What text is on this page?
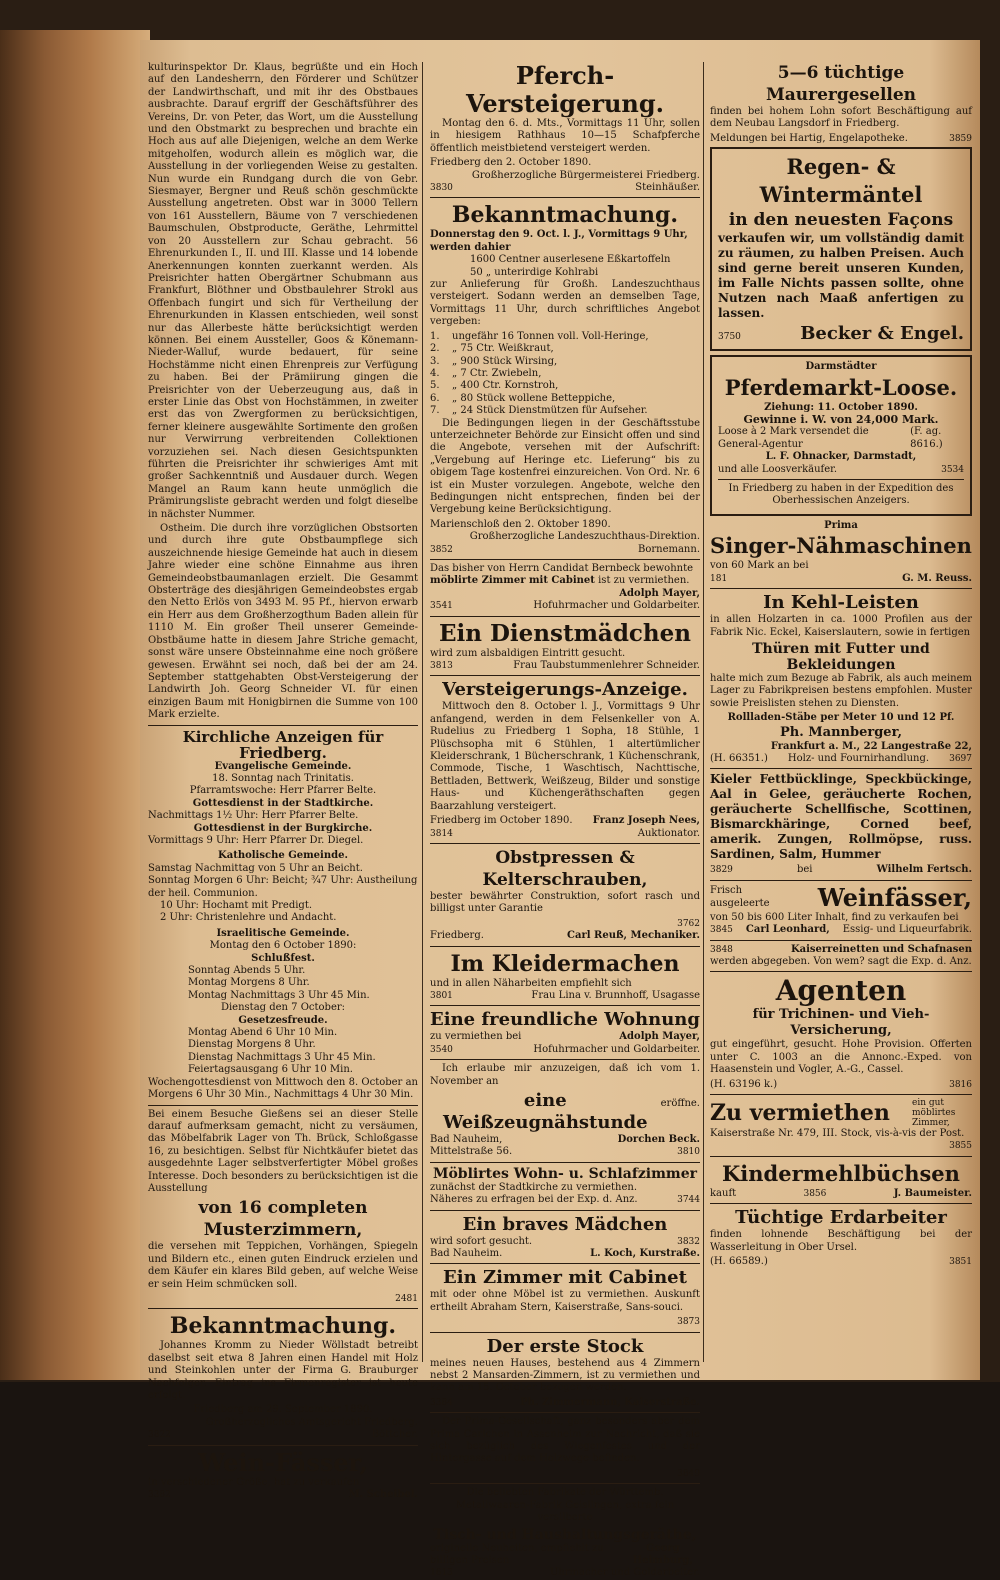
kulturinspektor Dr. Klaus, begrüßte und ein Hoch auf den Landesherrn, den Förderer und Schützer der Landwirthschaft, und mit ihr des Obstbaues ausbrachte. Darauf ergriff der Geschäftsführer des Vereins, Dr. von Peter, das Wort, um die Ausstellung und den Obstmarkt zu besprechen und brachte ein Hoch aus auf alle Diejenigen, welche an dem Werke mitgeholfen, wodurch allein es möglich war, die Ausstellung in der vorliegenden Weise zu gestalten. Nun wurde ein Rundgang durch die von Gebr. Siesmayer, Bergner und Reuß schön geschmückte Ausstellung angetreten. Obst war in 3000 Tellern von 161 Ausstellern, Bäume von 7 verschiedenen Baumschulen, Obstproducte, Geräthe, Lehrmittel von 20 Ausstellern zur Schau gebracht. 56 Ehrenurkunden I., II. und III. Klasse und 14 lobende Anerkennungen konnten zuerkannt werden. Als Preisrichter hatten Obergärtner Schubmann aus Frankfurt, Blöthner und Obstbaulehrer Strokl aus Offenbach fungirt und sich für Vertheilung der Ehrenurkunden in Klassen entschieden, weil sonst nur das Allerbeste hätte berücksichtigt werden können. Bei einem Aussteller, Goos & Könemann-Nieder-Walluf, wurde bedauert, für seine Hochstämme nicht einen Ehrenpreis zur Verfügung zu haben. Bei der Prämiirung gingen die Preisrichter von der Ueberzeugung aus, daß in erster Linie das Obst von Hochstämmen, in zweiter erst das von Zwergformen zu berücksichtigen, ferner kleinere ausgewählte Sortimente den großen nur Verwirrung verbreitenden Collektionen vorzuziehen sei. Nach diesen Gesichtspunkten führten die Preisrichter ihr schwieriges Amt mit großer Sachkenntniß und Ausdauer durch. Wegen Mangel an Raum kann heute unmöglich die Prämirungsliste gebracht werden und folgt dieselbe in nächster Nummer.

Ostheim. Die durch ihre vorzüglichen Obstsorten und durch ihre gute Obstbaumpflege sich auszeichnende hiesige Gemeinde hat auch in diesem Jahre wieder eine schöne Einnahme aus ihren Gemeindeobstbaumanlagen erzielt. Die Gesammt Obsterträge des diesjährigen Gemeindeobstes ergab den Netto Erlös von 3493 M. 95 Pf., hiervon erwarb ein Herr aus dem Großherzogthum Baden allein für 1110 M. Ein großer Theil unserer Gemeinde-Obstbäume hatte in diesem Jahre Striche gemacht, sonst wäre unsere Obsteinnahme eine noch größere gewesen. Erwähnt sei noch, daß bei der am 24. September stattgehabten Obst-Versteigerung der Landwirth Joh. Georg Schneider VI. für einen einzigen Baum mit Honigbirnen die Summe von 100 Mark erzielte.

Kirchliche Anzeigen für Friedberg.
Evangelische Gemeinde.
18. Sonntag nach Trinitatis.
Pfarramtswoche: Herr Pfarrer Belte.
Gottesdienst in der Stadtkirche.
Nachmittags 1½ Uhr: Herr Pfarrer Belte.
Gottesdienst in der Burgkirche.
Vormittags 9 Uhr: Herr Pfarrer Dr. Diegel.
Katholische Gemeinde.
Samstag Nachmittag von 5 Uhr an Beicht.
Sonntag Morgen 6 Uhr: Beicht; ¾7 Uhr: Austheilung der heil. Communion.
10 Uhr: Hochamt mit Predigt.
2 Uhr: Christenlehre und Andacht.
Israelitische Gemeinde.
Montag den 6 October 1890:
Schlußfest.
Sonntag Abends 5 Uhr.
Montag Morgens 8 Uhr.
Montag Nachmittags 3 Uhr 45 Min.
Dienstag den 7 October:
Gesetzesfreude.
Montag Abend 6 Uhr 10 Min.
Dienstag Morgens 8 Uhr.
Dienstag Nachmittags 3 Uhr 45 Min.
Feiertagsausgang 6 Uhr 10 Min.
Wochengottesdienst von Mittwoch den 8. October an Morgens 6 Uhr 30 Min., Nachmittags 4 Uhr 30 Min.

Bei einem Besuche Gießens sei an dieser Stelle darauf aufmerksam gemacht, nicht zu versäumen, das Möbelfabrik Lager von Th. Brück, Schloßgasse 16, zu besichtigen. Selbst für Nichtkäufer bietet das ausgedehnte Lager selbstverfertigter Möbel großes Interesse. Doch besonders zu berücksichtigen ist die Ausstellung

von 16 completen Musterzimmern,

die versehen mit Teppichen, Vorhängen, Spiegeln und Bildern etc., einen guten Eindruck erzielen und dem Käufer ein klares Bild geben, auf welche Weise er sein Heim schmücken soll.

2481
Bekanntmachung.

Johannes Kromm zu Nieder Wöllstadt betreibt daselbst seit etwa 8 Jahren einen Handel mit Holz und Steinkohlen unter der Firma G. Brauburger Nachfolger. Eintrag ins Firmenregister ist heute erfolgt.

Friedberg am 29. September 1890.
Großherzogliches Amtsgericht Friedberg.
3822	Böttcher.
Wein-Fässer,
in verschiedener Größe, hat zu verkaufen
3382	M. Scheibel.
Pferch-Versteigerung.

Montag den 6. d. Mts., Vormittags 11 Uhr, sollen in hiesigem Rathhaus 10—15 Schafpferche öffentlich meistbietend versteigert werden.

Friedberg den 2. October 1890.
Großherzogliche Bürgermeisterei Friedberg.
3830	Steinhäußer.
Bekanntmachung.
Donnerstag den 9. Oct. l. J., Vormittags 9 Uhr, werden dahier
1600 Centner auserlesene Eßkartoffeln
50 „ unterirdige Kohlrabi

zur Anlieferung für Großh. Landeszuchthaus versteigert. Sodann werden an demselben Tage, Vormittags 11 Uhr, durch schriftliches Angebot vergeben:

1.	ungefähr 16 Tonnen voll. Voll-Heringe,
2.	„ 75 Ctr. Weißkraut,
3.	„ 900 Stück Wirsing,
4.	„ 7 Ctr. Zwiebeln,
5.	„ 400 Ctr. Kornstroh,
6.	„ 80 Stück wollene Betteppiche,
7.	„ 24 Stück Dienstmützen für Aufseher.

Die Bedingungen liegen in der Geschäftsstube unterzeichneter Behörde zur Einsicht offen und sind die Angebote, versehen mit der Aufschrift: „Vergebung auf Heringe etc. Lieferung“ bis zu obigem Tage kostenfrei einzureichen. Von Ord. Nr. 6 ist ein Muster vorzulegen. Angebote, welche den Bedingungen nicht entsprechen, finden bei der Vergebung keine Berücksichtigung.

Marienschloß den 2. Oktober 1890.
Großherzogliche Landeszuchthaus-Direktion.
3852	Bornemann.
Das bisher von Herrn Candidat Bernbeck bewohnte möblirte Zimmer mit Cabinet ist zu vermiethen.
Adolph Mayer,
3541	Hofuhrmacher und Goldarbeiter.
Ein Dienstmädchen
wird zum alsbaldigen Eintritt gesucht.
3813	Frau Taubstummenlehrer Schneider.
Versteigerungs-Anzeige.

Mittwoch den 8. October l. J., Vormittags 9 Uhr anfangend, werden in dem Felsenkeller von A. Rudelius zu Friedberg 1 Sopha, 18 Stühle, 1 Plüschsopha mit 6 Stühlen, 1 altertümlicher Kleiderschrank, 1 Bücherschrank, 1 Küchenschrank, Commode, Tische, 1 Waschtisch, Nachttische, Bettladen, Bettwerk, Weißzeug, Bilder und sonstige Haus- und Küchengeräthschaften gegen Baarzahlung versteigert.

Friedberg im October 1890. Franz Joseph Nees,
3814	Auktionator.
Obstpressen & Kelterschrauben,

bester bewährter Construktion, sofort rasch und billigst unter Garantie

3762
Friedberg.	Carl Reuß, Mechaniker.
Im Kleidermachen
und in allen Näharbeiten empfiehlt sich
3801	Frau Lina v. Brunnhoff, Usagasse
Eine freundliche Wohnung
zu vermiethen bei	Adolph Mayer,
3540	Hofuhrmacher und Goldarbeiter.

Ich erlaube mir anzuzeigen, daß ich vom 1. November an

eine Weißzeugnähstunde
eröffne.
Bad Nauheim,	Dorchen Beck.
Mittelstraße 56.	3810
Möblirtes Wohn- u. Schlafzimmer
zunächst der Stadtkirche zu vermiethen.
Näheres zu erfragen bei der Exp. d. Anz.	3744
Ein braves Mädchen
wird sofort gesucht.	3832
Bad Nauheim.	L. Koch, Kurstraße.
Ein Zimmer mit Cabinet

mit oder ohne Möbel ist zu vermiethen. Auskunft ertheilt Abraham Stern, Kaiserstraße, Sans-souci.

3873
Der erste Stock

meines neuen Hauses, bestehend aus 4 Zimmern nebst 2 Mansarden-Zimmern, ist zu vermiethen und kann am 15. October bezogen werden.

3384	Ph. Zimmermann, Kaiserstraße.

Der Prima-Gesellschaft, ganz besonders aber dem Prima Carlchen in Assenheim zur Nachricht, daß sie sich bezüglich des Wiegenfestes und der Hintergasse auf dem Holzwege befinden.

3849

Die beliebten Fabrikate der Württemb. Metallwaaren-Fabrik Geislingen, extra fein versilberte

Tisch- und Haushaltungsgeräthe,
originelle Neuheiten, empfiehlt zu billigen Preisen
Georg Heimburg,
1613	Uhrmacher und Goldarbeiter.
5—6 tüchtige Maurergesellen

finden bei hohem Lohn sofort Beschäftigung auf dem Neubau Langsdorf in Friedberg.

Meldungen bei Hartig, Engelapotheke.	3859
Regen- & Wintermäntel
in den neuesten Façons

verkaufen wir, um vollständig damit zu räumen, zu halben Preisen. Auch sind gerne bereit unseren Kunden, im Falle Nichts passen sollte, ohne Nutzen nach Maaß anfertigen zu lassen.

3750	Becker & Engel.
Darmstädter
Pferdemarkt-Loose.
Ziehung: 11. October 1890.
Gewinne i. W. von 24,000 Mark.
Loose à 2 Mark versendet die General-Agentur
(F. ag. 8616.)
L. F. Ohnacker, Darmstadt,
und alle Loosverkäufer.	3534

In Friedberg zu haben in der Expedition des Oberhessischen Anzeigers.

Prima
Singer-Nähmaschinen
von 60 Mark an bei
181	G. M. Reuss.
In Kehl-Leisten

in allen Holzarten in ca. 1000 Profilen aus der Fabrik Nic. Eckel, Kaiserslautern, sowie in fertigen

Thüren mit Futter und Bekleidungen

halte mich zum Bezuge ab Fabrik, als auch meinem Lager zu Fabrikpreisen bestens empfohlen. Muster sowie Preislisten stehen zu Diensten.

Rollladen-Stäbe per Meter 10 und 12 Pf.
Ph. Mannberger,
Frankfurt a. M., 22 Langestraße 22,
(H. 66351.) Holz- und Fournirhandlung. 3697

Kieler Fettbücklinge, Speckbückinge, Aal in Gelee, geräucherte Rochen, geräucherte Schellfische, Scottinen, Bismarckhäringe, Corned beef, amerik. Zungen, Rollmöpse, russ. Sardinen, Salm, Hummer

3829	bei	Wilhelm Fertsch.
Frisch ausgeleerte Weinfässer,
von 50 bis 600 Liter Inhalt, find zu verkaufen bei
3845 Carl Leonhard, Essig- und Liqueurfabrik.
3848	Kaiserreinetten und Schafnasen
werden abgegeben. Von wem? sagt die Exp. d. Anz.
Agenten
für Trichinen- und Vieh-Versicherung,

gut eingeführt, gesucht. Hohe Provision. Offerten unter C. 1003 an die Annonc.-Exped. von Haasenstein und Vogler, A.-G., Cassel.

(H. 63196 k.)	3816
Zu vermiethen ein gut möblirtes Zimmer,
Kaiserstraße Nr. 479, III. Stock, vis-à-vis der Post.
3855
Kindermehlbüchsen
kauft	3856	J. Baumeister.
Tüchtige Erdarbeiter

finden lohnende Beschäftigung bei der Wasserleitung in Ober Ursel.

(H. 66589.)	3851
